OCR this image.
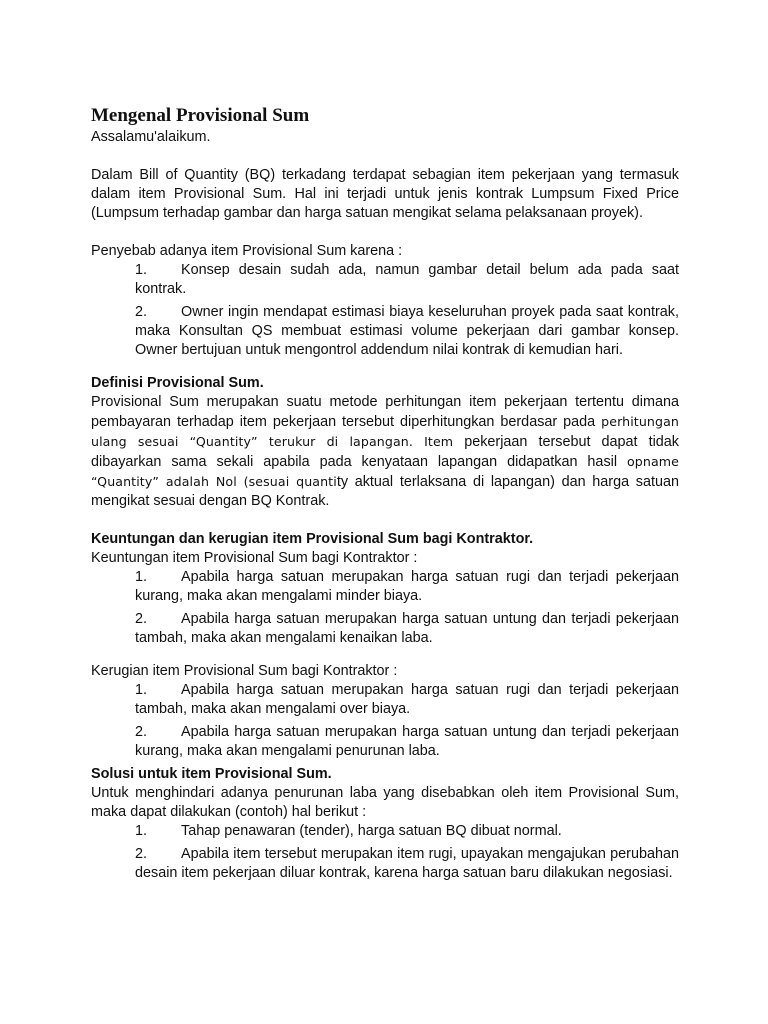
Mengenal Provisional Sum

Assalamu'alaikum.

Dalam Bill of Quantity (BQ) terkadang terdapat sebagian item pekerjaan yang termasuk dalam item Provisional Sum. Hal ini terjadi untuk jenis kontrak Lumpsum Fixed Price (Lumpsum terhadap gambar dan harga satuan mengikat selama pelaksanaan proyek).

Penyebab adanya item Provisional Sum karena :

1. Konsep desain sudah ada, namun gambar detail belum ada pada saat kontrak.
2. Owner ingin mendapat estimasi biaya keseluruhan proyek pada saat kontrak, maka Konsultan QS membuat estimasi volume pekerjaan dari gambar konsep. Owner bertujuan untuk mengontrol addendum nilai kontrak di kemudian hari.

Definisi Provisional Sum.

Provisional Sum merupakan suatu metode perhitungan item pekerjaan tertentu dimana pembayaran terhadap item pekerjaan tersebut diperhitungkan berdasar pada perhitungan ulang sesuai “Quantity” terukur di lapangan. Item pekerjaan tersebut dapat tidak dibayarkan sama sekali apabila pada kenyataan lapangan didapatkan hasil opname “Quantity” adalah Nol (sesuai quantity aktual terlaksana di lapangan) dan harga satuan mengikat sesuai dengan BQ Kontrak.

Keuntungan dan kerugian item Provisional Sum bagi Kontraktor.

Keuntungan item Provisional Sum bagi Kontraktor :

1. Apabila harga satuan merupakan harga satuan rugi dan terjadi pekerjaan kurang, maka akan mengalami minder biaya.
2. Apabila harga satuan merupakan harga satuan untung dan terjadi pekerjaan tambah, maka akan mengalami kenaikan laba.

Kerugian item Provisional Sum bagi Kontraktor :

1. Apabila harga satuan merupakan harga satuan rugi dan terjadi pekerjaan tambah, maka akan mengalami over biaya.
2. Apabila harga satuan merupakan harga satuan untung dan terjadi pekerjaan kurang, maka akan mengalami penurunan laba.

Solusi untuk item Provisional Sum.

Untuk menghindari adanya penurunan laba yang disebabkan oleh item Provisional Sum, maka dapat dilakukan (contoh) hal berikut :

1. Tahap penawaran (tender), harga satuan BQ dibuat normal.
2. Apabila item tersebut merupakan item rugi, upayakan mengajukan perubahan desain item pekerjaan diluar kontrak, karena harga satuan baru dilakukan negosiasi.
